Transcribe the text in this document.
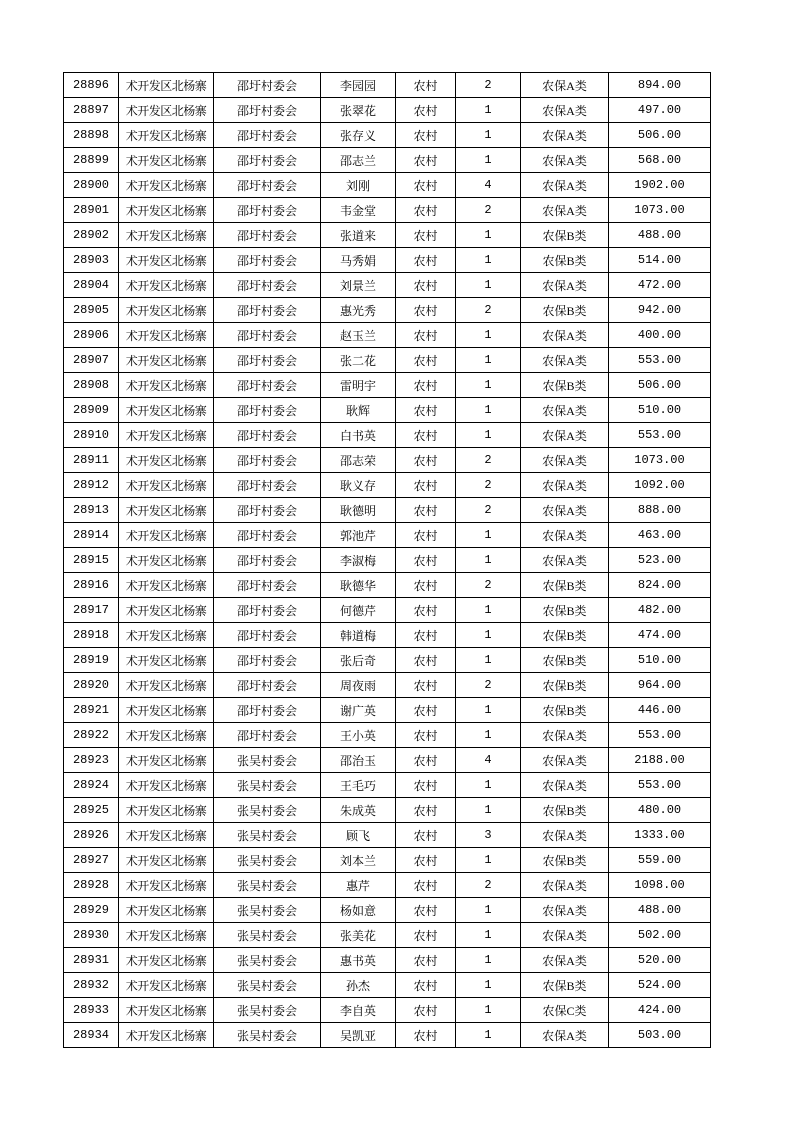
28896	术开发区北杨寨	邵圩村委会	李园园	农村	2	农保A类	894.00
28897	术开发区北杨寨	邵圩村委会	张翠花	农村	1	农保A类	497.00
28898	术开发区北杨寨	邵圩村委会	张存义	农村	1	农保A类	506.00
28899	术开发区北杨寨	邵圩村委会	邵志兰	农村	1	农保A类	568.00
28900	术开发区北杨寨	邵圩村委会	刘刚	农村	4	农保A类	1902.00
28901	术开发区北杨寨	邵圩村委会	韦金堂	农村	2	农保A类	1073.00
28902	术开发区北杨寨	邵圩村委会	张道来	农村	1	农保B类	488.00
28903	术开发区北杨寨	邵圩村委会	马秀娟	农村	1	农保B类	514.00
28904	术开发区北杨寨	邵圩村委会	刘景兰	农村	1	农保A类	472.00
28905	术开发区北杨寨	邵圩村委会	惠光秀	农村	2	农保B类	942.00
28906	术开发区北杨寨	邵圩村委会	赵玉兰	农村	1	农保A类	400.00
28907	术开发区北杨寨	邵圩村委会	张二花	农村	1	农保A类	553.00
28908	术开发区北杨寨	邵圩村委会	雷明宇	农村	1	农保B类	506.00
28909	术开发区北杨寨	邵圩村委会	耿辉	农村	1	农保A类	510.00
28910	术开发区北杨寨	邵圩村委会	白书英	农村	1	农保A类	553.00
28911	术开发区北杨寨	邵圩村委会	邵志荣	农村	2	农保A类	1073.00
28912	术开发区北杨寨	邵圩村委会	耿义存	农村	2	农保A类	1092.00
28913	术开发区北杨寨	邵圩村委会	耿德明	农村	2	农保A类	888.00
28914	术开发区北杨寨	邵圩村委会	郭池芹	农村	1	农保A类	463.00
28915	术开发区北杨寨	邵圩村委会	李淑梅	农村	1	农保A类	523.00
28916	术开发区北杨寨	邵圩村委会	耿德华	农村	2	农保B类	824.00
28917	术开发区北杨寨	邵圩村委会	何德芹	农村	1	农保B类	482.00
28918	术开发区北杨寨	邵圩村委会	韩道梅	农村	1	农保B类	474.00
28919	术开发区北杨寨	邵圩村委会	张后奇	农村	1	农保B类	510.00
28920	术开发区北杨寨	邵圩村委会	周夜雨	农村	2	农保B类	964.00
28921	术开发区北杨寨	邵圩村委会	谢广英	农村	1	农保B类	446.00
28922	术开发区北杨寨	邵圩村委会	王小英	农村	1	农保A类	553.00
28923	术开发区北杨寨	张吴村委会	邵治玉	农村	4	农保A类	2188.00
28924	术开发区北杨寨	张吴村委会	王毛巧	农村	1	农保A类	553.00
28925	术开发区北杨寨	张吴村委会	朱成英	农村	1	农保B类	480.00
28926	术开发区北杨寨	张吴村委会	顾飞	农村	3	农保A类	1333.00
28927	术开发区北杨寨	张吴村委会	刘本兰	农村	1	农保B类	559.00
28928	术开发区北杨寨	张吴村委会	惠芹	农村	2	农保A类	1098.00
28929	术开发区北杨寨	张吴村委会	杨如意	农村	1	农保A类	488.00
28930	术开发区北杨寨	张吴村委会	张美花	农村	1	农保A类	502.00
28931	术开发区北杨寨	张吴村委会	惠书英	农村	1	农保A类	520.00
28932	术开发区北杨寨	张吴村委会	孙杰	农村	1	农保B类	524.00
28933	术开发区北杨寨	张吴村委会	李自英	农村	1	农保C类	424.00
28934	术开发区北杨寨	张吴村委会	吴凯亚	农村	1	农保A类	503.00
